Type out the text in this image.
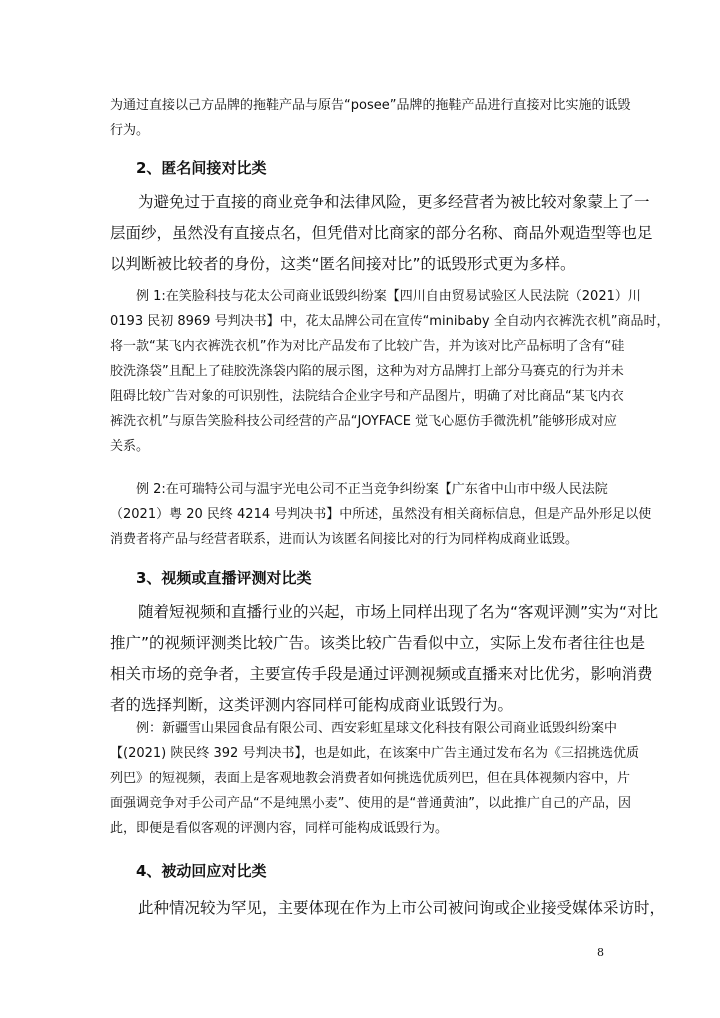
为通过直接以己方品牌的拖鞋产品与原告“posee”品牌的拖鞋产品进行直接对比实施的诋毁
行为。
2、匿名间接对比类
为避免过于直接的商业竞争和法律风险，更多经营者为被比较对象蒙上了一
层面纱，虽然没有直接点名，但凭借对比商家的部分名称、商品外观造型等也足
以判断被比较者的身份，这类“匿名间接对比”的诋毁形式更为多样。
例 1:在笑脸科技与花太公司商业诋毁纠纷案【四川自由贸易试验区人民法院（2021）川
0193 民初 8969 号判决书】中，花太品牌公司在宣传“minibaby 全自动内衣裤洗衣机”商品时，
将一款“某飞内衣裤洗衣机”作为对比产品发布了比较广告，并为该对比产品标明了含有“硅
胶洗涤袋”且配上了硅胶洗涤袋内陷的展示图，这种为对方品牌打上部分马赛克的行为并未
阻碍比较广告对象的可识别性，法院结合企业字号和产品图片，明确了对比商品“某飞内衣
裤洗衣机”与原告笑脸科技公司经营的产品“JOYFACE 觉飞心愿仿手微洗机”能够形成对应
关系。
例 2:在可瑞特公司与温宇光电公司不正当竞争纠纷案【广东省中山市中级人民法院
（2021）粤 20 民终 4214 号判决书】中所述，虽然没有相关商标信息，但是产品外形足以使
消费者将产品与经营者联系，进而认为该匿名间接比对的行为同样构成商业诋毁。
3、视频或直播评测对比类
随着短视频和直播行业的兴起，市场上同样出现了名为“客观评测”实为“对比
推广”的视频评测类比较广告。该类比较广告看似中立，实际上发布者往往也是
相关市场的竞争者，主要宣传手段是通过评测视频或直播来对比优劣，影响消费
者的选择判断，这类评测内容同样可能构成商业诋毁行为。
例：新疆雪山果园食品有限公司、西安彩虹星球文化科技有限公司商业诋毁纠纷案中
【(2021) 陕民终 392 号判决书】，也是如此，在该案中广告主通过发布名为《三招挑选优质
列巴》的短视频，表面上是客观地教会消费者如何挑选优质列巴，但在具体视频内容中，片
面强调竞争对手公司产品“不是纯黑小麦”、使用的是“普通黄油”，以此推广自己的产品，因
此，即便是看似客观的评测内容，同样可能构成诋毁行为。
4、被动回应对比类
此种情况较为罕见，主要体现在作为上市公司被问询或企业接受媒体采访时，
8
